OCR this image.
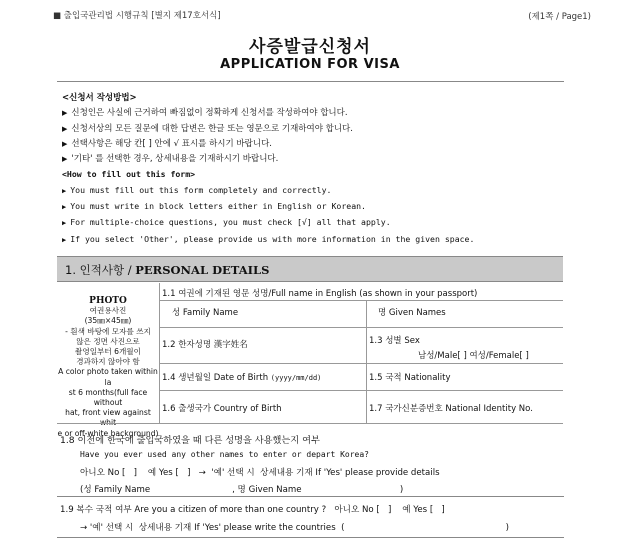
■ 출입국관리법 시행규칙 [별지 제17호서식]	(제1쪽 / Page1)
사증발급신청서
APPLICATION FOR VISA
<신청서 작성방법>
▶ 신청인은 사실에 근거하여 빠짐없이 정확하게 신청서를 작성하여야 합니다.
▶ 신청서상의 모든 질문에 대한 답변은 한글 또는 영문으로 기재하여야 합니다.
▶ 선택사항은 해당 칸[ ] 안에 √ 표시를 하시기 바랍니다.
▶ '기타' 를 선택한 경우, 상세내용을 기재하시기 바랍니다.
<How to fill out this form>
▶ You must fill out this form completely and correctly.
▶ You must write in block letters either in English or Korean.
▶ For multiple-choice questions, you must check [√] all that apply.
▶ If you select 'Other', please provide us with more information in the given space.
1. 인적사항 / PERSONAL DETAILS
PHOTO
여권용사진
(35㎜×45㎜)
- 흰색 바탕에 모자를 쓰지
않은 정면 사진으로
촬영일부터 6개월이
경과하지 않아야 함
A color photo taken within la
st 6 months(full face without
hat, front view against whit
e or off-white background)
1.1 여권에 기재된 영문 성명/Full name in English (as shown in your passport)
성 Family Name	명 Given Names
1.2 한자성명 漢字姓名	1.3 성별 Sex
남성/Male[ ] 여성/Female[ ]
1.4 생년월일 Date of Birth (yyyy/mm/dd)	1.5 국적 Nationality
1.6 출생국가 Country of Birth	1.7 국가신분증번호 National Identity No.
1.8 이전에 한국에 출입국하였을 때 다른 성명을 사용했는지 여부
Have you ever used any other names to enter or depart Korea?
아니오 No [   ]    예 Yes [   ]   →  '예' 선택 시  상세내용 기재 If 'Yes' please provide details
(성 Family Name                              , 명 Given Name                                    )
1.9 복수 국적 여부 Are you a citizen of more than one country ?   아니오 No [   ]    예 Yes [   ]
→ '예' 선택 시  상세내용 기재 If 'Yes' please write the countries  (                                                           )
